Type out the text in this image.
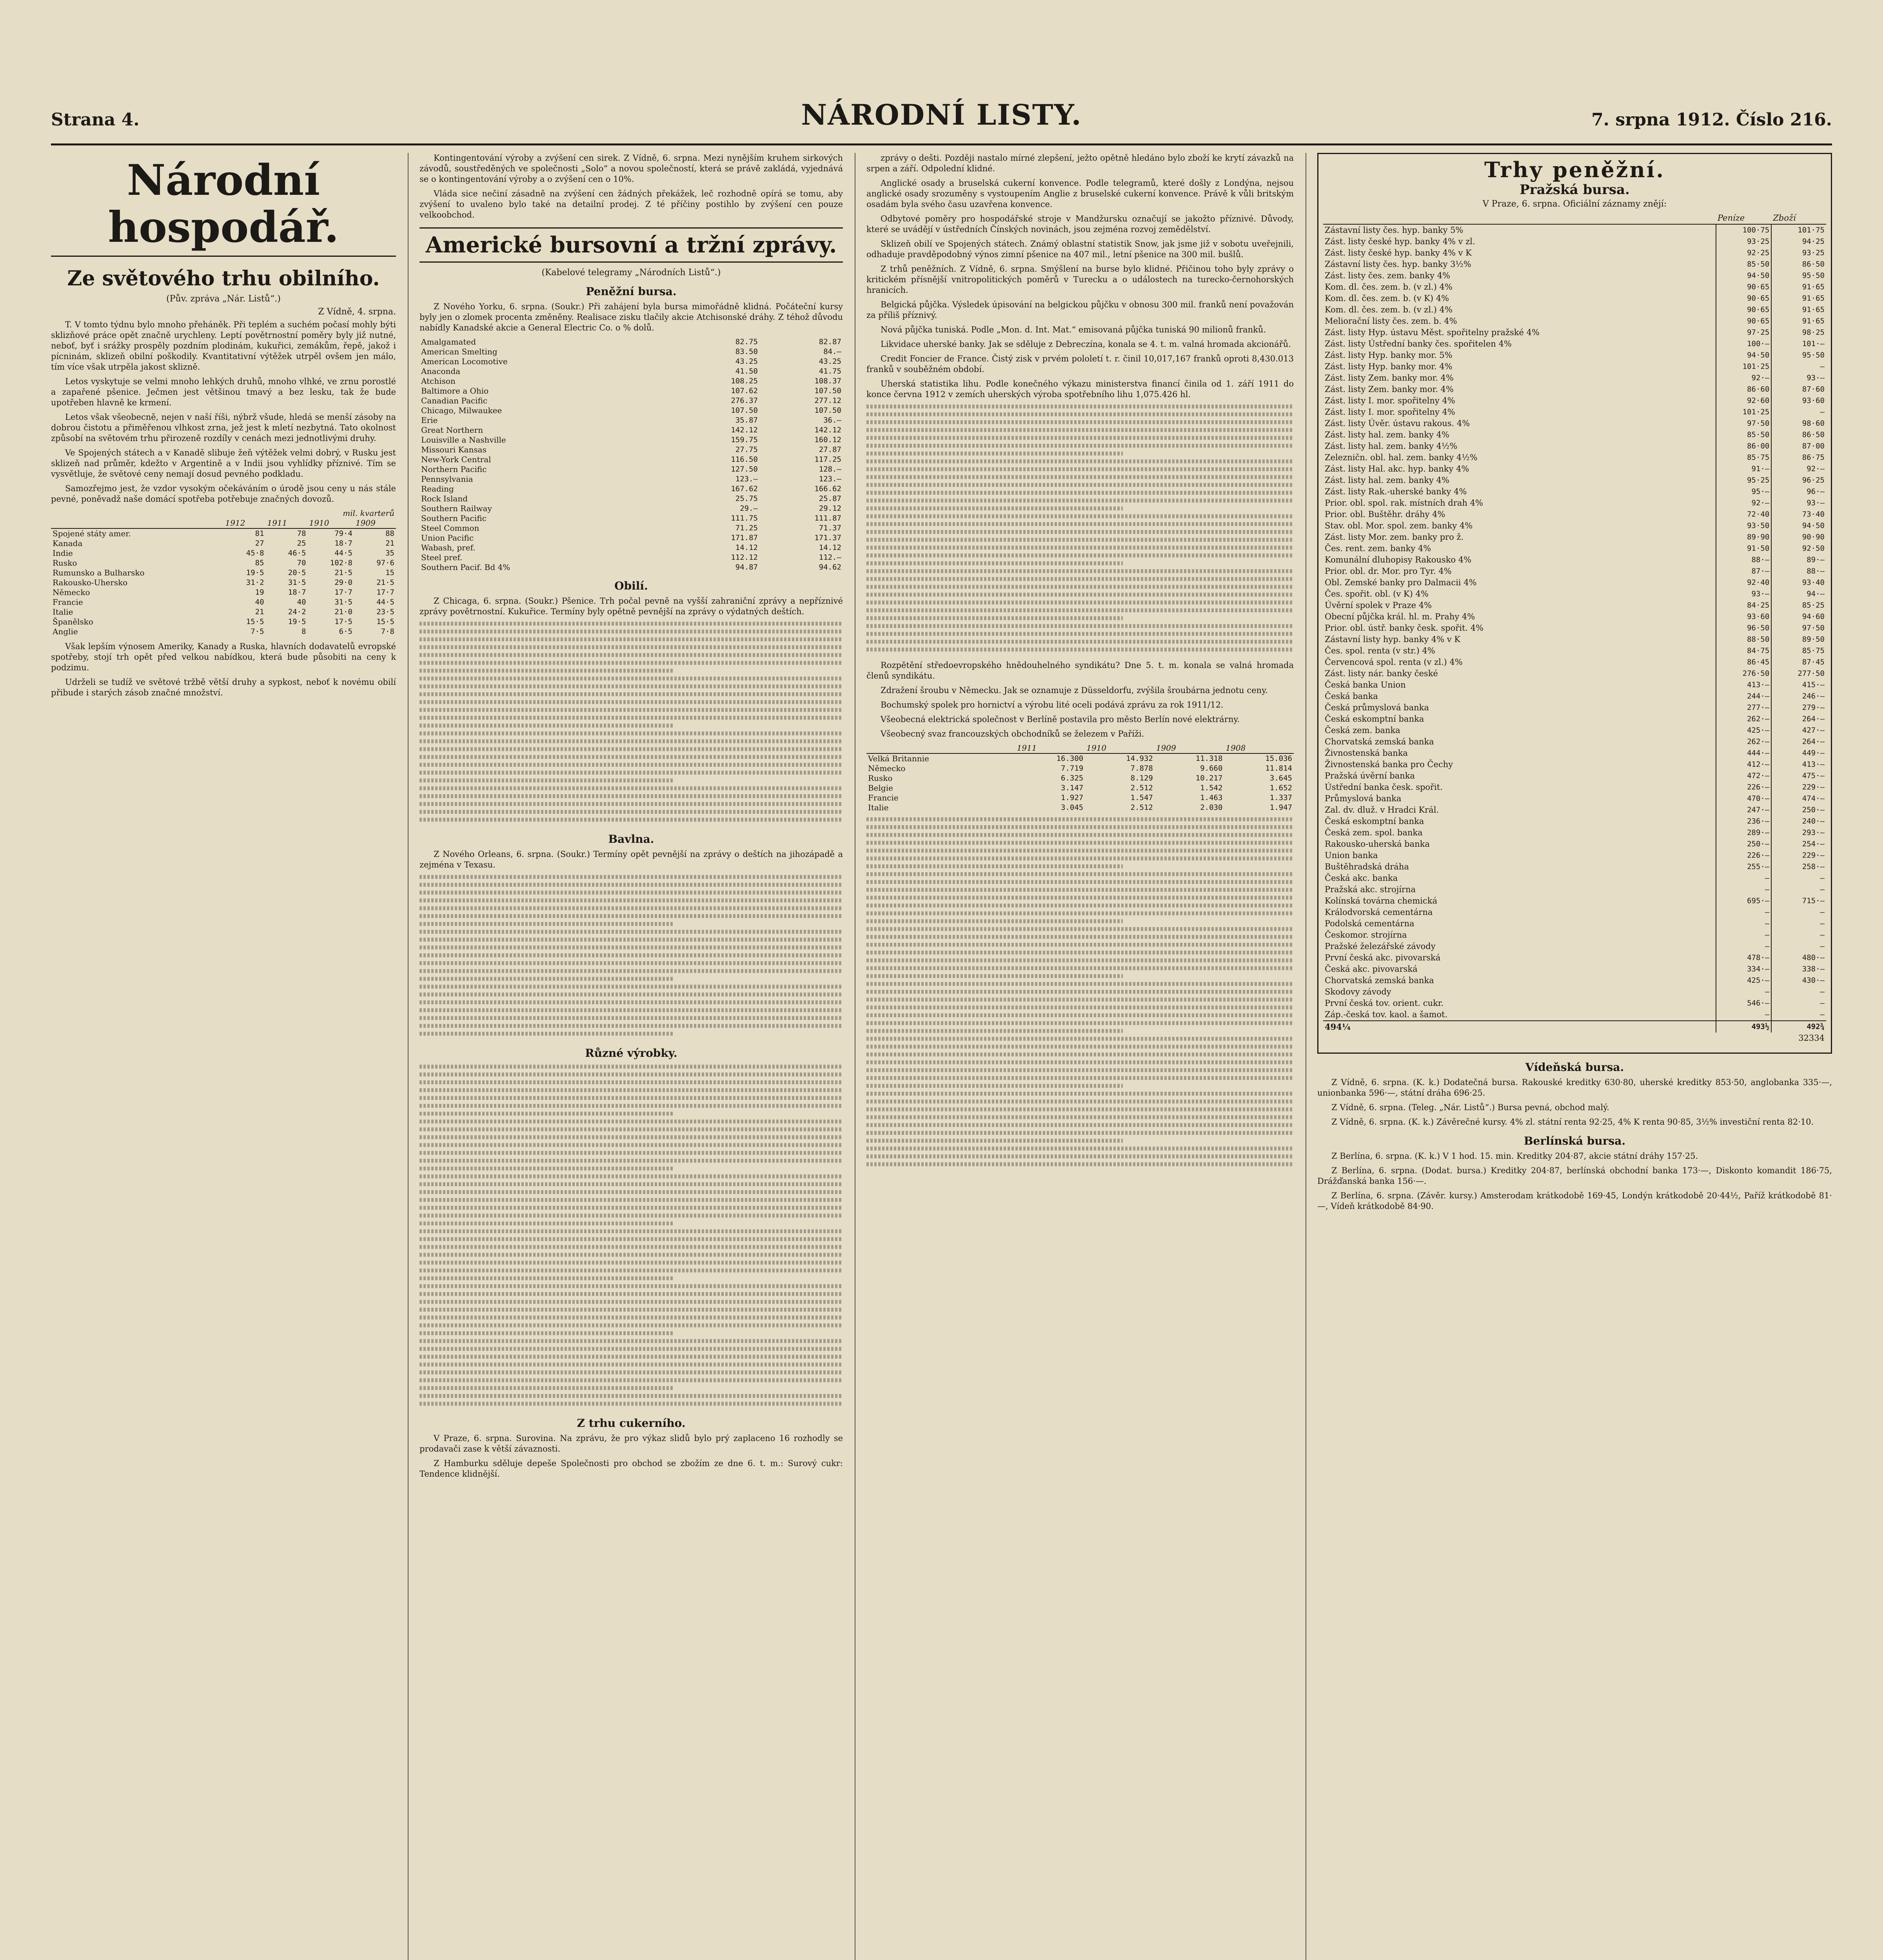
Strana 4.	NÁRODNÍ LISTY.	7. srpna 1912. Číslo 216.
Národní hospodář.
Ze světového trhu obilního.
(Pův. zpráva „Nár. Listů“.)
Z Vídně, 4. srpna.

T. V tomto týdnu bylo mnoho přeháněk. Při teplém a suchém počasí mohly býti sklizňové práce opět značně urychleny. Leptí povětrnostní poměry byly již nutné, neboť, byť i srážky prospěly pozdním plodinám, kukuřici, zemákům, řepě, jakož i pícninám, sklizeň obilní poškodily. Kvantitativní výtěžek utrpěl ovšem jen málo, tím více však utrpěla jakost sklizně.

Letos vyskytuje se velmi mnoho lehkých druhů, mnoho vlhké, ve zrnu porostlé a zapařené pšenice. Ječmen jest většinou tmavý a bez lesku, tak že bude upotřeben hlavně ke krmení.

Letos však všeobecně, nejen v naší říši, nýbrž všude, hledá se menší zásoby na dobrou čistotu a přiměřenou vlhkost zrna, jež jest k mletí nezbytná. Tato okolnost způsobí na světovém trhu přirozeně rozdíly v cenách mezi jednotlivými druhy.

Ve Spojených státech a v Kanadě slibuje žeň výtěžek velmi dobrý, v Rusku jest sklizeň nad průměr, kdežto v Argentině a v Indii jsou vyhlídky příznivé. Tím se vysvětluje, že světové ceny nemají dosud pevného podkladu.

Samozřejmo jest, že vzdor vysokým očekáváním o úrodě jsou ceny u nás stále pevné, poněvadž naše domácí spotřeba potřebuje značných dovozů.

mil. kvarterů				
	1912	1911	1910	1909
Spojené státy amer.	81	78	79·4	88
Kanada	27	25	18·7	21
Indie	45·8	46·5	44·5	35
Rusko	85	70	102·8	97·6
Rumunsko a Bulharsko	19·5	20·5	21·5	15
Rakousko-Uhersko	31·2	31·5	29·0	21·5
Německo	19	18·7	17·7	17·7
Francie	40	40	31·5	44·5
Italie	21	24·2	21·0	23·5
Španělsko	15·5	19·5	17·5	15·5
Anglie	7·5	8	6·5	7·8

Však lepším výnosem Ameriky, Kanady a Ruska, hlavních dodavatelů evropské spotřeby, stojí trh opět před velkou nabídkou, která bude působiti na ceny k podzimu.

Udrželi se tudíž ve světové tržbě větší druhy a sypkost, neboť k novému obilí přibude i starých zásob značné množství.

Kontingentování výroby a zvýšení cen sirek. Z Vídně, 6. srpna. Mezi nynějším kruhem sirkových závodů, soustředěných ve společnosti „Solo“ a novou společností, která se právě zakládá, vyjednává se o kontingentování výroby a o zvýšení cen o 10%.

Vláda sice nečiní zásadně na zvýšení cen žádných překážek, leč rozhodně opírá se tomu, aby zvýšení to uvaleno bylo také na detailní prodej. Z té příčiny postihlo by zvýšení cen pouze velkoobchod.

Americké bursovní a tržní zprávy.
(Kabelové telegramy „Národních Listů“.)
Peněžní bursa.

Z Nového Yorku, 6. srpna. (Soukr.) Při zahájení byla bursa mimořádně klidná. Počáteční kursy byly jen o zlomek procenta změněny. Realisace zisku tlačily akcie Atchisonské dráhy. Z téhož důvodu nabídly Kanadské akcie a General Electric Co. o % dolů.

Amalgamated	82.75	82.87
American Smelting	83.50	84.—
American Locomotive	43.25	43.25
Anaconda	41.50	41.75
Atchison	108.25	108.37
Baltimore a Ohio	107.62	107.50
Canadian Pacific	276.37	277.12
Chicago, Milwaukee	107.50	107.50
Erie	35.87	36.—
Great Northern	142.12	142.12
Louisville a Nashville	159.75	160.12
Missouri Kansas	27.75	27.87
New-York Central	116.50	117.25
Northern Pacific	127.50	128.—
Pennsylvania	123.—	123.—
Reading	167.62	166.62
Rock Island	25.75	25.87
Southern Railway	29.—	29.12
Southern Pacific	111.75	111.87
Steel Common	71.25	71.37
Union Pacific	171.87	171.37
Wabash, pref.	14.12	14.12
Steel pref.	112.12	112.—
Southern Pacif. Bd 4%	94.87	94.62
Obilí.

Z Chicaga, 6. srpna. (Soukr.) Pšenice. Trh počal pevně na vyšší zahraniční zprávy a nepříznivé zprávy povětrnostní. Kukuřice. Termíny byly opětně pevnější na zprávy o výdatných deštích.

Bavlna.

Z Nového Orleans, 6. srpna. (Soukr.) Termíny opět pevnější na zprávy o deštích na jihozápadě a zejména v Texasu.

Různé výrobky.
Z trhu cukerního.

V Praze, 6. srpna. Surovina. Na zprávu, že pro výkaz slidů bylo prý zaplaceno 16 rozhodly se prodavači zase k větší závaznosti.

Z Hamburku sděluje depeše Společnosti pro obchod se zbožím ze dne 6. t. m.: Surový cukr: Tendence klidnější.

zprávy o dešti. Později nastalo mírné zlepšení, ježto opětně hledáno bylo zboží ke krytí závazků na srpen a září. Odpolední klidné.

Anglické osady a bruselská cukerní konvence. Podle telegramů, které došly z Londýna, nejsou anglické osady srozuměny s vystoupením Anglie z bruselské cukerní konvence. Právě k vůli britským osadám byla svého času uzavřena konvence.

Odbytové poměry pro hospodářské stroje v Mandžursku označují se jakožto příznivé. Důvody, které se uvádějí v ústředních Čínských novinách, jsou zejména rozvoj zemědělství.

Sklizeň obilí ve Spojených státech. Známý oblastní statistik Snow, jak jsme již v sobotu uveřejnili, odhaduje pravděpodobný výnos zimní pšenice na 407 mil., letní pšenice na 300 mil. bušlů.

Z trhů peněžních. Z Vídně, 6. srpna. Smýšlení na burse bylo klidné. Přičinou toho byly zprávy o kritickém přísnější vnitropolitických poměrů v Turecku a o událostech na turecko-černohorských hranicích.

Belgická půjčka. Výsledek úpisování na belgickou půjčku v obnosu 300 mil. franků není považován za příliš příznivý.

Nová půjčka tuniská. Podle „Mon. d. Int. Mat.“ emisovaná půjčka tuniská 90 milionů franků.

Likvidace uherské banky. Jak se sděluje z Debreczína, konala se 4. t. m. valná hromada akcionářů.

Credit Foncier de France. Čistý zisk v prvém pololetí t. r. činil 10,017,167 franků oproti 8,430.013 franků v souběžném období.

Uherská statistika lihu. Podle konečného výkazu ministerstva financí činila od 1. září 1911 do konce června 1912 v zemích uherských výroba spotřebního lihu 1,075.426 hl.

Rozpětění středoevropského hnědouhelného syndikátu? Dne 5. t. m. konala se valná hromada členů syndikátu.

Zdražení šroubu v Německu. Jak se oznamuje z Düsseldorfu, zvýšila šroubárna jednotu ceny.

Bochumský spolek pro hornictví a výrobu lité oceli podává zprávu za rok 1911/12.

Všeobecná elektrická společnost v Berlíně postavila pro město Berlín nové elektrárny.

Všeobecný svaz francouzských obchodníků se železem v Paříži.

	1911	1910	1909	1908
Velká Britannie	16.300	14.932	11.318	15.036
Německo	7.719	7.878	9.660	11.814
Rusko	6.325	8.129	10.217	3.645
Belgie	3.147	2.512	1.542	1.652
Francie	1.927	1.547	1.463	1.337
Italie	3.045	2.512	2.030	1.947
Trhy peněžní.
Pražská bursa.
V Praze, 6. srpna. Oficiální záznamy znějí:
	Peníze	Zboží
Zástavní listy čes. hyp. banky 5%	100·75	101·75
Zást. listy české hyp. banky 4% v zl.	93·25	94·25
Zást. listy české hyp. banky 4% v K	92·25	93·25
Zástavní listy čes. hyp. banky 3½%	85·50	86·50
Zást. listy čes. zem. banky 4%	94·50	95·50
Kom. dl. čes. zem. b. (v zl.) 4%	90·65	91·65
Kom. dl. čes. zem. b. (v K) 4%	90·65	91·65
Kom. dl. čes. zem. b. (v zl.) 4%	90·65	91·65
Meliorační listy čes. zem. b. 4%	90·65	91·65
Zást. listy Hyp. ústavu Měst. spořitelny pražské 4%	97·25	98·25
Zást. listy Ústřední banky čes. spořitelen 4%	100·—	101·—
Zást. listy Hyp. banky mor. 5%	94·50	95·50
Zást. listy Hyp. banky mor. 4%	101·25	—
Zást. listy Zem. banky mor. 4%	92·—	93·—
Zást. listy Zem. banky mor. 4%	86·60	87·60
Zást. listy I. mor. spořitelny 4%	92·60	93·60
Zást. listy I. mor. spořitelny 4%	101·25	—
Zást. listy Úvěr. ústavu rakous. 4%	97·50	98·60
Zást. listy hal. zem. banky 4%	85·50	86·50
Zást. listy hal. zem. banky 4½%	86·00	87·00
Zelezničn. obl. hal. zem. banky 4½%	85·75	86·75
Zást. listy Hal. akc. hyp. banky 4%	91·—	92·—
Zást. listy hal. zem. banky 4%	95·25	96·25
Zást. listy Rak.-uherské banky 4%	95·—	96·—
Prior. obl. spol. rak. místních drah 4%	92·—	93·—
Prior. obl. Buštěhr. dráhy 4%	72·40	73·40
Stav. obl. Mor. spol. zem. banky 4%	93·50	94·50
Zást. listy Mor. zem. banky pro ž.	89·90	90·90
Čes. rent. zem. banky 4%	91·50	92·50
Komunální dluhopisy Rakousko 4%	88·—	89·—
Prior. obl. dr. Mor. pro Tyr. 4%	87·—	88·—
Obl. Zemské banky pro Dalmacii 4%	92·40	93·40
Čes. spořit. obl. (v K) 4%	93·—	94·—
Úvěrní spolek v Praze 4%	84·25	85·25
Obecní půjčka král. hl. m. Prahy 4%	93·60	94·60
Prior. obl. ústř. banky česk. spořit. 4%	96·50	97·50
Zástavní listy hyp. banky 4% v K	88·50	89·50
Čes. spol. renta (v str.) 4%	84·75	85·75
Červencová spol. renta (v zl.) 4%	86·45	87·45
Zást. listy nár. banky české	276·50	277·50
Česká banka Union	413·—	415·—
Česká banka	244·—	246·—
Česká průmyslová banka	277·—	279·—
Česká eskomptní banka	262·—	264·—
Česká zem. banka	425·—	427·—
Chorvatská zemská banka	262·—	264·—
Živnostenská banka	444·—	449·—
Živnostenská banka pro Čechy	412·—	413·—
Pražská úvěrní banka	472·—	475·—
Ústřední banka česk. spořit.	226·—	229·—
Průmyslová banka	470·—	474·—
Zal. dv. dluž. v Hradci Král.	247·—	250·—
Česká eskomptní banka	236·—	240·—
Česká zem. spol. banka	289·—	293·—
Rakousko-uherská banka	250·—	254·—
Union banka	226·—	229·—
Buštěhradská dráha	255·—	258·—
Česká akc. banka	—	—
Pražská akc. strojírna	—	—
Kolínská továrna chemická	695·—	715·—
Králodvorská cementárna	—	—
Podolská cementárna	—	—
Českomor. strojírna	—	—
Pražské železářské závody	—	—
První česká akc. pivovarská	478·—	480·—
Česká akc. pivovarská	334·—	338·—
Chorvatská zemská banka	425·—	430·—
Skodovy závody	—	—
První česká tov. orient. cukr.	546·—	—
Záp.-česká tov. kaol. a šamot.	—	—
494¼	493½	492¾
32334		
Vídeňská bursa.

Z Vídně, 6. srpna. (K. k.) Dodatečná bursa. Rakouské kreditky 630·80, uherské kreditky 853·50, anglobanka 335·—, unionbanka 596·—, státní dráha 696·25.

Z Vídně, 6. srpna. (Teleg. „Nár. Listů“.) Bursa pevná, obchod malý.

Z Vídně, 6. srpna. (K. k.) Závěrečné kursy. 4% zl. státní renta 92·25, 4% K renta 90·85, 3½% investiční renta 82·10.

Berlínská bursa.

Z Berlína, 6. srpna. (K. k.) V 1 hod. 15. min. Kreditky 204·87, akcie státní dráhy 157·25.

Z Berlína, 6. srpna. (Dodat. bursa.) Kreditky 204·87, berlínská obchodní banka 173·—, Diskonto komandit 186·75, Drážďanská banka 156·—.

Z Berlína, 6. srpna. (Závěr. kursy.) Amsterodam krátkodobě 169·45, Londýn krátkodobě 20·44½, Paříž krátkodobě 81·—, Vídeň krátkodobě 84·90.
